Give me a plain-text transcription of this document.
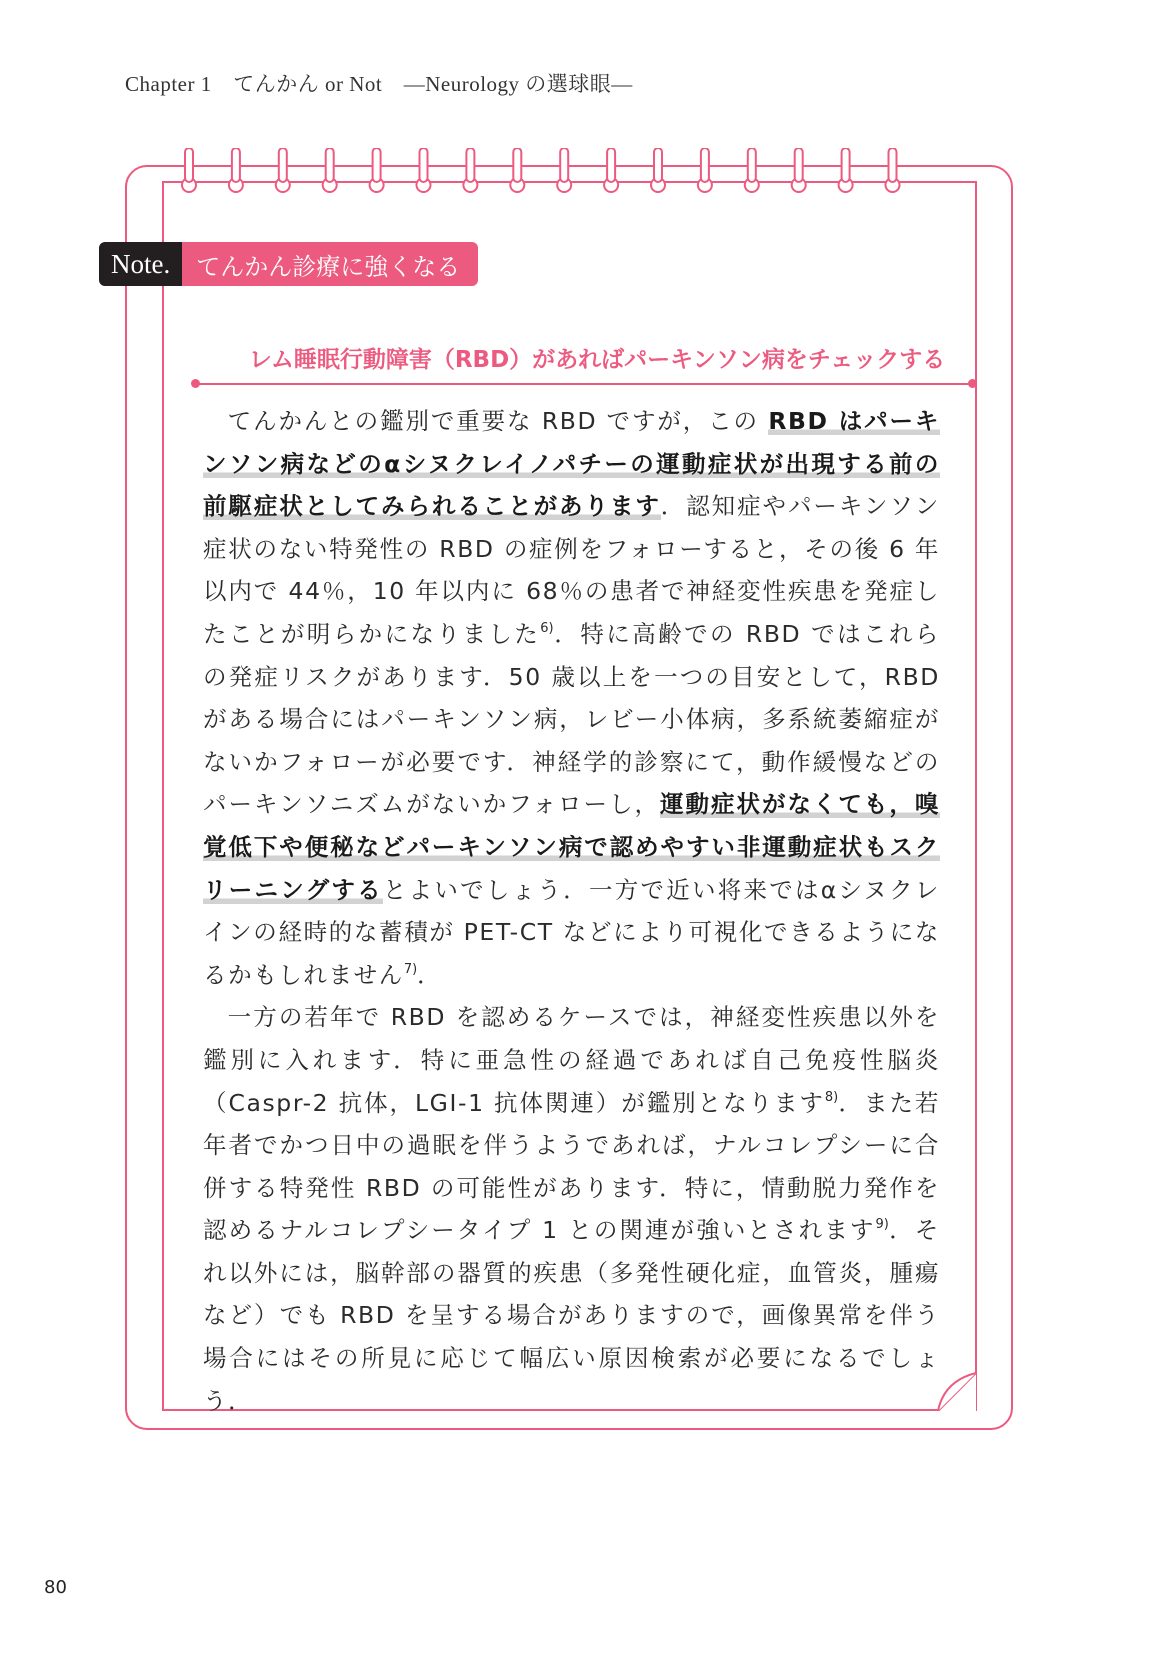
Chapter 1　てんかん or Not　―Neurology の選球眼―
Note.	てんかん診療に強くなる
レム睡眠行動障害（RBD）があればパーキンソン病をチェックする

てんかんとの鑑別で重要な RBD ですが，この RBD はパーキンソン病などのαシヌクレイノパチーの運動症状が出現する前の前駆症状としてみられることがあります．認知症やパーキンソン症状のない特発性の RBD の症例をフォローすると，その後 6 年以内で 44％，10 年以内に 68％の患者で神経変性疾患を発症したことが明らかになりました$^{6)}$．特に高齢での RBD ではこれらの発症リスクがあります．50 歳以上を一つの目安として，RBD がある場合にはパーキンソン病，レビー小体病，多系統萎縮症がないかフォローが必要です．神経学的診察にて，動作緩慢などのパーキンソニズムがないかフォローし，運動症状がなくても，嗅覚低下や便秘などパーキンソン病で認めやすい非運動症状もスクリーニングするとよいでしょう．一方で近い将来ではαシヌクレインの経時的な蓄積が PET-CT などにより可視化できるようになるかもしれません$^{7)}$．

一方の若年で RBD を認めるケースでは，神経変性疾患以外を鑑別に入れます．特に亜急性の経過であれば自己免疫性脳炎（Caspr-2 抗体，LGI-1 抗体関連）が鑑別となります$^{8)}$．また若年者でかつ日中の過眠を伴うようであれば，ナルコレプシーに合併する特発性 RBD の可能性があります．特に，情動脱力発作を認めるナルコレプシータイプ 1 との関連が強いとされます$^{9)}$．それ以外には，脳幹部の器質的疾患（多発性硬化症，血管炎，腫瘍など）でも RBD を呈する場合がありますので，画像異常を伴う場合にはその所見に応じて幅広い原因検索が必要になるでしょう．

80
